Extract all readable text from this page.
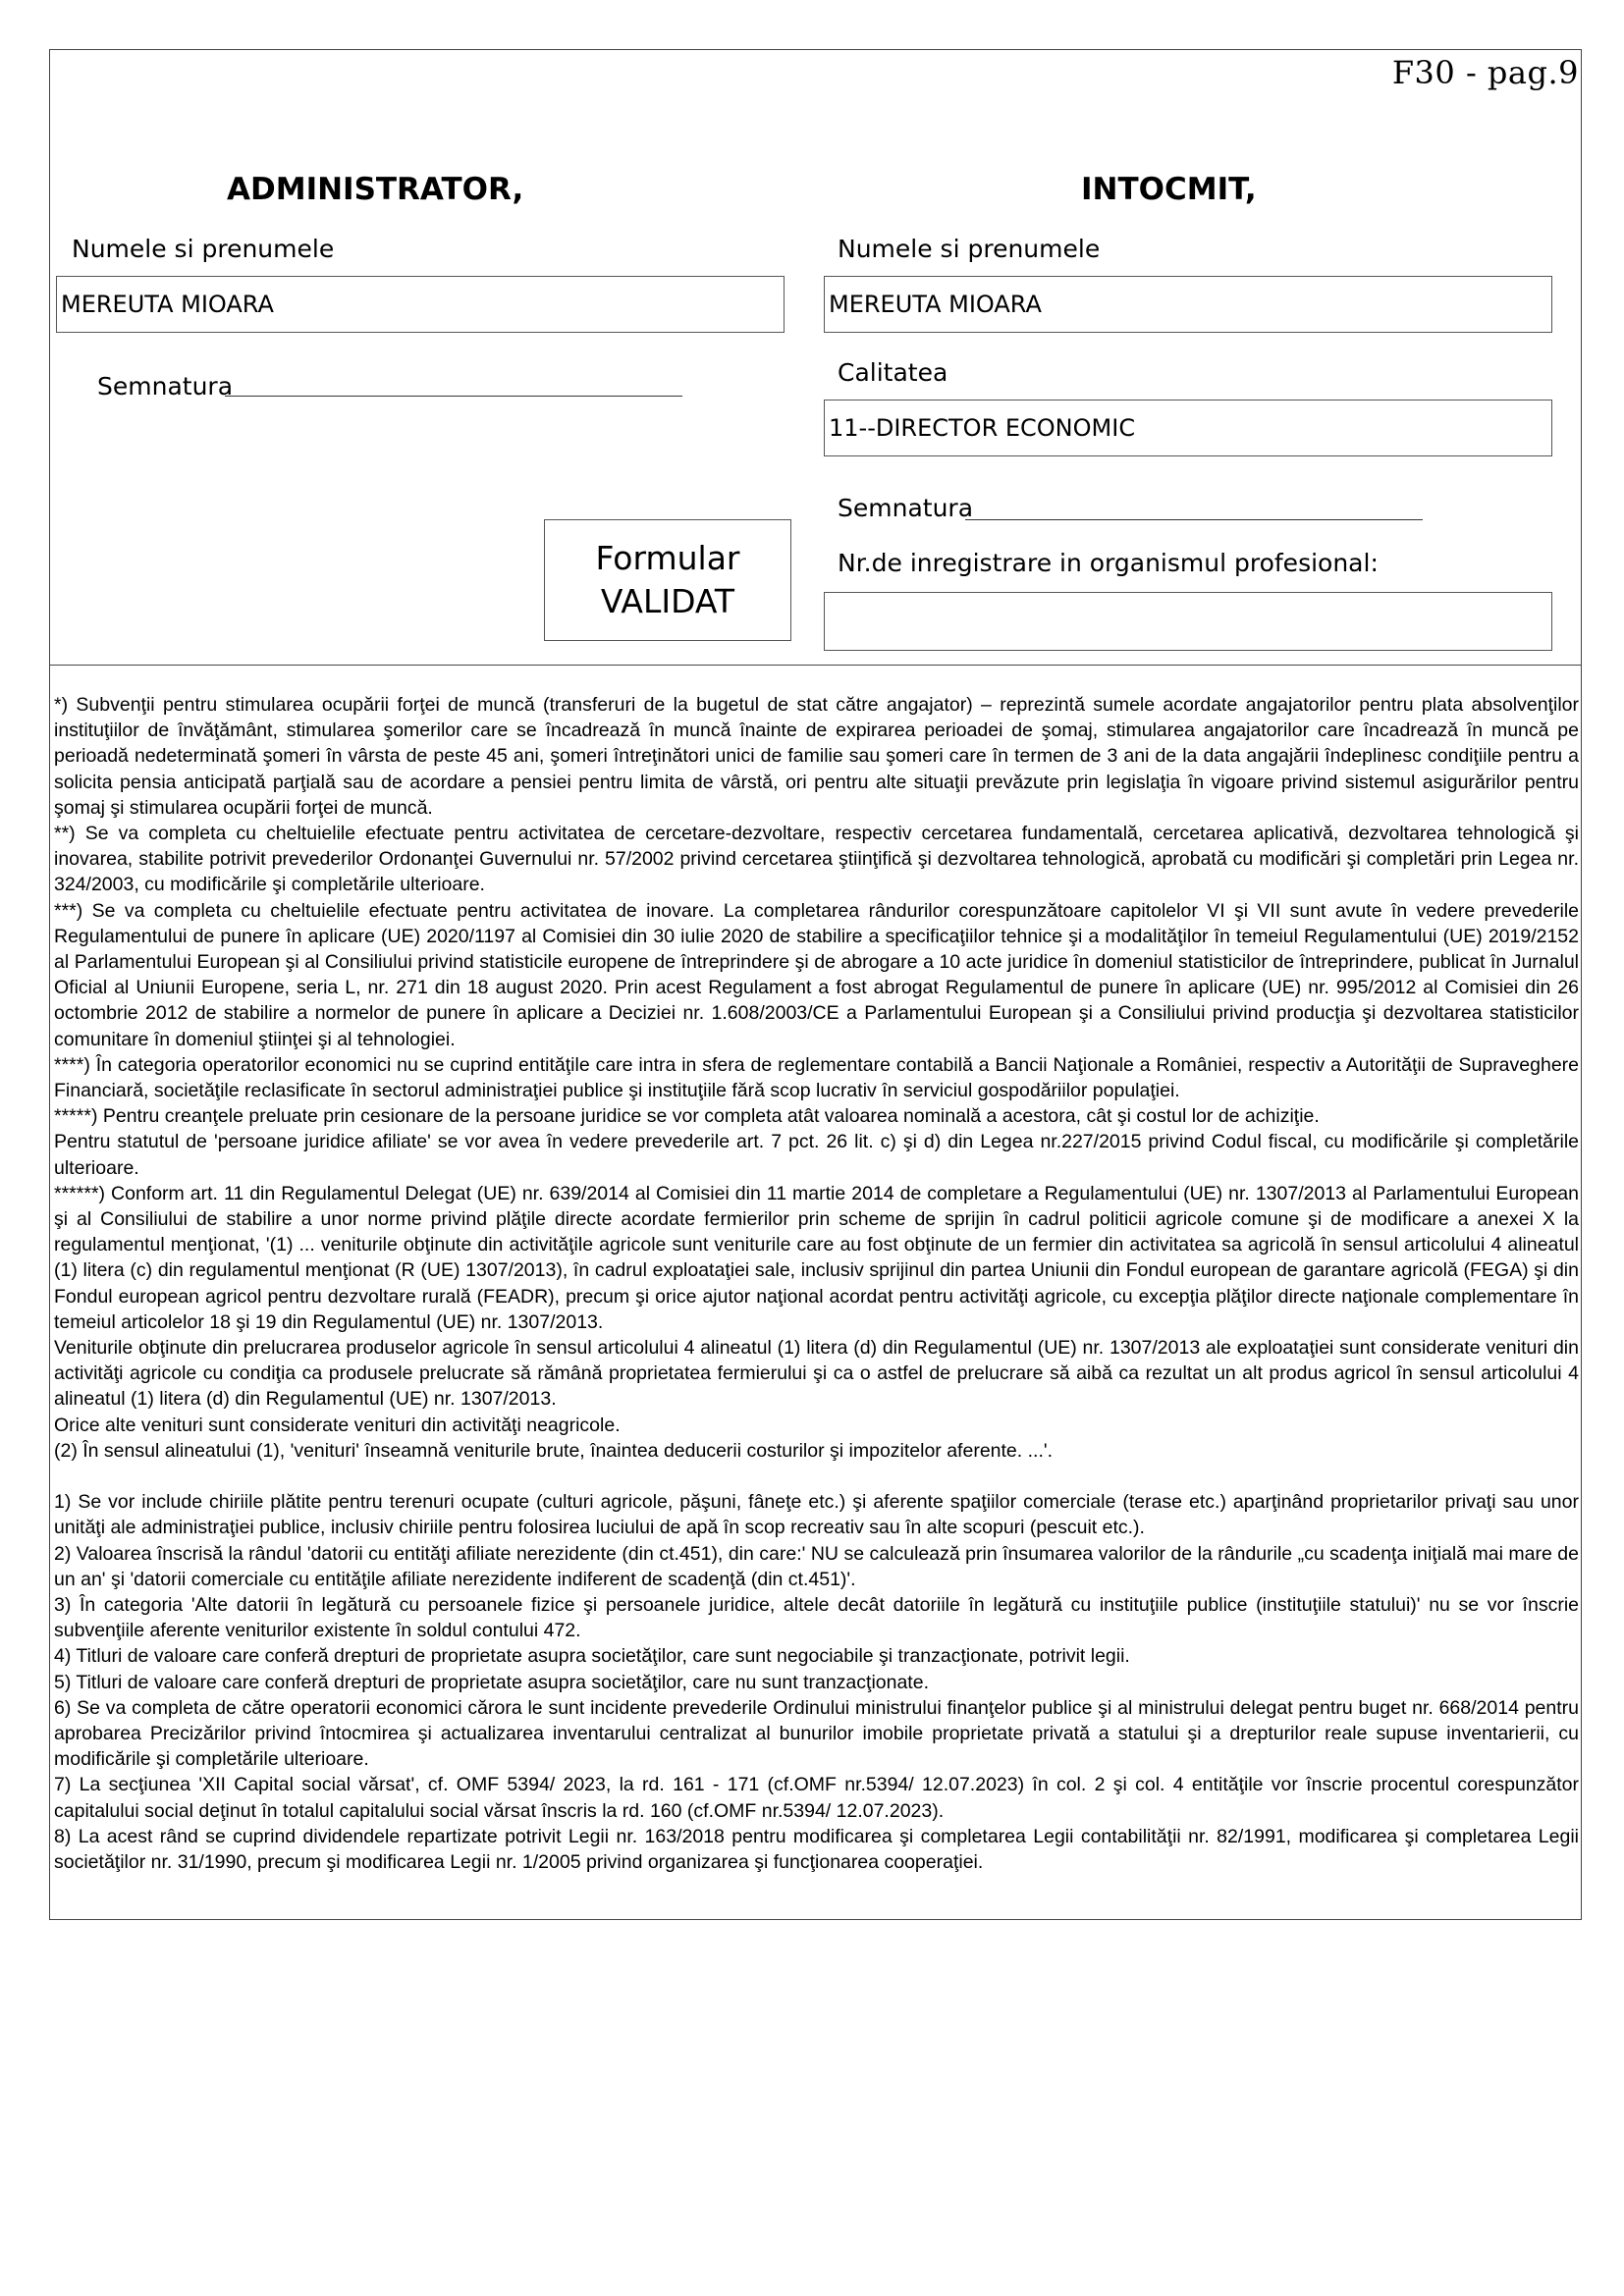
F30 - pag.9
ADMINISTRATOR,
Numele si prenumele
MEREUTA MIOARA
Semnatura
Formular
VALIDAT
INTOCMIT,
Numele si prenumele
MEREUTA MIOARA
Calitatea
11--DIRECTOR ECONOMIC
Semnatura
Nr.de inregistrare in organismul profesional:

*) Subvenţii pentru stimularea ocupării forţei de muncă (transferuri de la bugetul de stat către angajator) – reprezintă sumele acordate angajatorilor pentru plata absolvenţilor instituţiilor de învăţământ, stimularea şomerilor care se încadrează în muncă înainte de expirarea perioadei de şomaj, stimularea angajatorilor care încadrează în muncă pe perioadă nedeterminată şomeri în vârsta de peste 45 ani, şomeri întreţinători unici de familie sau şomeri care în termen de 3 ani de la data angajării îndeplinesc condiţiile pentru a solicita pensia anticipată parţială sau de acordare a pensiei pentru limita de vârstă, ori pentru alte situaţii prevăzute prin legislaţia în vigoare privind sistemul asigurărilor pentru şomaj şi stimularea ocupării forţei de muncă.

**) Se va completa cu cheltuielile efectuate pentru activitatea de cercetare-dezvoltare, respectiv cercetarea fundamentală, cercetarea aplicativă, dezvoltarea tehnologică şi inovarea, stabilite potrivit prevederilor Ordonanţei Guvernului nr. 57/2002 privind cercetarea ştiinţifică şi dezvoltarea tehnologică, aprobată cu modificări şi completări prin Legea nr. 324/2003, cu modificările şi completările ulterioare.

***) Se va completa cu cheltuielile efectuate pentru activitatea de inovare. La completarea rândurilor corespunzătoare capitolelor VI şi VII sunt avute în vedere prevederile Regulamentului de punere în aplicare (UE) 2020/1197 al Comisiei din 30 iulie 2020 de stabilire a specificaţiilor tehnice şi a modalităţilor în temeiul Regulamentului (UE) 2019/2152 al Parlamentului European şi al Consiliului privind statisticile europene de întreprindere şi de abrogare a 10 acte juridice în domeniul statisticilor de întreprindere, publicat în Jurnalul Oficial al Uniunii Europene, seria L, nr. 271 din 18 august 2020. Prin acest Regulament a fost abrogat Regulamentul de punere în aplicare (UE) nr. 995/2012 al Comisiei din 26 octombrie 2012 de stabilire a normelor de punere în aplicare a Deciziei nr. 1.608/2003/CE a Parlamentului European şi a Consiliului privind producţia şi dezvoltarea statisticilor comunitare în domeniul ştiinţei şi al tehnologiei.

****) În categoria operatorilor economici nu se cuprind entităţile care intra in sfera de reglementare contabilă a Bancii Naţionale a României, respectiv a Autorităţii de Supraveghere Financiară, societăţile reclasificate în sectorul administraţiei publice şi instituţiile fără scop lucrativ în serviciul gospodăriilor populaţiei.

*****) Pentru creanţele preluate prin cesionare de la persoane juridice se vor completa atât valoarea nominală a acestora, cât şi costul lor de achiziţie.

Pentru statutul de 'persoane juridice afiliate' se vor avea în vedere prevederile art. 7 pct. 26 lit. c) şi d) din Legea nr.227/2015 privind Codul fiscal, cu modificările şi completările ulterioare.

******) Conform art. 11 din Regulamentul Delegat (UE) nr. 639/2014 al Comisiei din 11 martie 2014 de completare a Regulamentului (UE) nr. 1307/2013 al Parlamentului European şi al Consiliului de stabilire a unor norme privind plăţile directe acordate fermierilor prin scheme de sprijin în cadrul politicii agricole comune şi de modificare a anexei X la regulamentul menţionat, '(1) ... veniturile obţinute din activităţile agricole sunt veniturile care au fost obţinute de un fermier din activitatea sa agricolă în sensul articolului 4 alineatul (1) litera (c) din regulamentul menţionat (R (UE) 1307/2013), în cadrul exploataţiei sale, inclusiv sprijinul din partea Uniunii din Fondul european de garantare agricolă (FEGA) şi din Fondul european agricol pentru dezvoltare rurală (FEADR), precum şi orice ajutor naţional acordat pentru activităţi agricole, cu excepţia plăţilor directe naţionale complementare în temeiul articolelor 18 şi 19 din Regulamentul (UE) nr. 1307/2013.

Veniturile obţinute din prelucrarea produselor agricole în sensul articolului 4 alineatul (1) litera (d) din Regulamentul (UE) nr. 1307/2013 ale exploataţiei sunt considerate venituri din activităţi agricole cu condiţia ca produsele prelucrate să rămână proprietatea fermierului şi ca o astfel de prelucrare să aibă ca rezultat un alt produs agricol în sensul articolului 4 alineatul (1) litera (d) din Regulamentul (UE) nr. 1307/2013.

Orice alte venituri sunt considerate venituri din activităţi neagricole.

(2) În sensul alineatului (1), 'venituri' înseamnă veniturile brute, înaintea deducerii costurilor şi impozitelor aferente. ...'.

1) Se vor include chiriile plătite pentru terenuri ocupate (culturi agricole, păşuni, fâneţe etc.) şi aferente spaţiilor comerciale (terase etc.) aparţinând proprietarilor privaţi sau unor unităţi ale administraţiei publice, inclusiv chiriile pentru folosirea luciului de apă în scop recreativ sau în alte scopuri (pescuit etc.).

2) Valoarea înscrisă la rândul 'datorii cu entităţi afiliate nerezidente (din ct.451), din care:' NU se calculează prin însumarea valorilor de la rândurile „cu scadenţa iniţială mai mare de un an' şi 'datorii comerciale cu entităţile afiliate nerezidente indiferent de scadenţă (din ct.451)'.

3) În categoria 'Alte datorii în legătură cu persoanele fizice şi persoanele juridice, altele decât datoriile în legătură cu instituţiile publice (instituţiile statului)' nu se vor înscrie subvenţiile aferente veniturilor existente în soldul contului 472.

4) Titluri de valoare care conferă drepturi de proprietate asupra societăţilor, care sunt negociabile şi tranzacţionate, potrivit legii.

5) Titluri de valoare care conferă drepturi de proprietate asupra societăţilor, care nu sunt tranzacţionate.

6) Se va completa de către operatorii economici cărora le sunt incidente prevederile Ordinului ministrului finanţelor publice şi al ministrului delegat pentru buget nr. 668/2014 pentru aprobarea Precizărilor privind întocmirea şi actualizarea inventarului centralizat al bunurilor imobile proprietate privată a statului şi a drepturilor reale supuse inventarierii, cu modificările şi completările ulterioare.

7) La secţiunea 'XII Capital social vărsat', cf. OMF 5394/ 2023, la rd. 161 - 171 (cf.OMF nr.5394/ 12.07.2023) în col. 2 şi col. 4 entităţile vor înscrie procentul corespunzător capitalului social deţinut în totalul capitalului social vărsat înscris la rd. 160 (cf.OMF nr.5394/ 12.07.2023).

8) La acest rând se cuprind dividendele repartizate potrivit Legii nr. 163/2018 pentru modificarea şi completarea Legii contabilităţii nr. 82/1991, modificarea şi completarea Legii societăţilor nr. 31/1990, precum şi modificarea Legii nr. 1/2005 privind organizarea şi funcţionarea cooperaţiei.
